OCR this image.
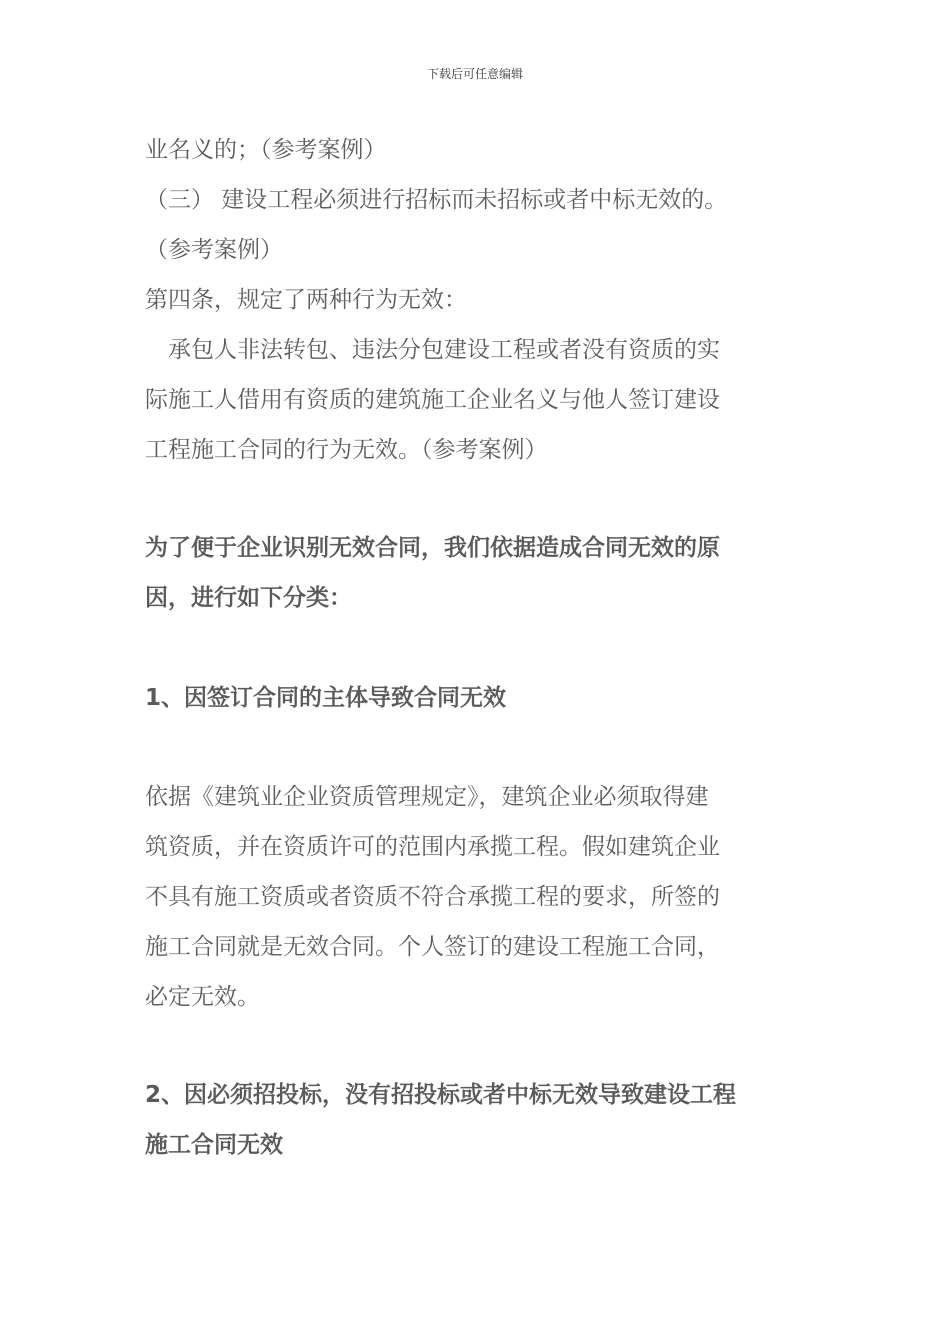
下载后可任意编辑
业名义的；（参考案例）
（三） 建设工程必须进行招标而未招标或者中标无效的。
（参考案例）
第四条，规定了两种行为无效：
　承包人非法转包、违法分包建设工程或者没有资质的实
际施工人借用有资质的建筑施工企业名义与他人签订建设
工程施工合同的行为无效。（参考案例）
为了便于企业识别无效合同，我们依据造成合同无效的原
因，进行如下分类：
1、因签订合同的主体导致合同无效
依据《建筑业企业资质管理规定》，建筑企业必须取得建
筑资质，并在资质许可的范围内承揽工程。假如建筑企业
不具有施工资质或者资质不符合承揽工程的要求，所签的
施工合同就是无效合同。个人签订的建设工程施工合同，
必定无效。
2、因必须招投标，没有招投标或者中标无效导致建设工程
施工合同无效
